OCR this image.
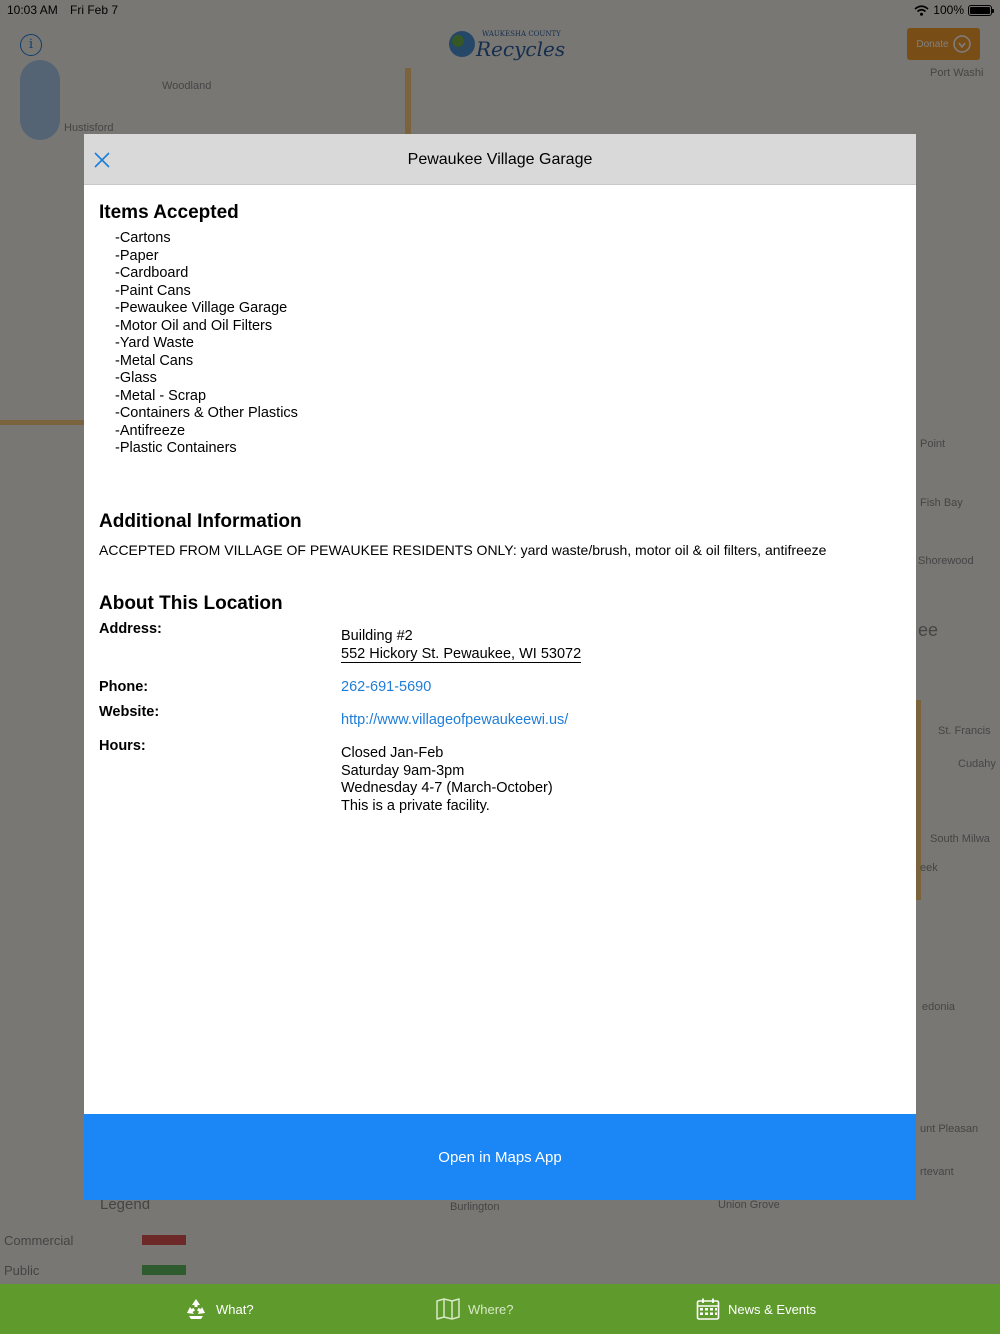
Pewaukee Village Garage
Items Accepted
-Cartons
-Paper
-Cardboard
-Paint Cans
-Pewaukee Village Garage
-Motor Oil and Oil Filters
-Yard Waste
-Metal Cans
-Glass
-Metal - Scrap
-Containers & Other Plastics
-Antifreeze
-Plastic Containers
Additional Information
ACCEPTED FROM VILLAGE OF PEWAUKEE RESIDENTS ONLY: yard waste/brush, motor oil & oil filters, antifreeze
About This Location
Address:	Building #2
552 Hickory St. Pewaukee, WI 53072
Phone:	262-691-5690
Website:	http://www.villageofpewaukeewi.us/
Hours:	Closed Jan-Feb
Saturday 9am-3pm
Wednesday 4-7 (March-October)
This is a private facility.
Open in Maps App
What?	Where?	News & Events
